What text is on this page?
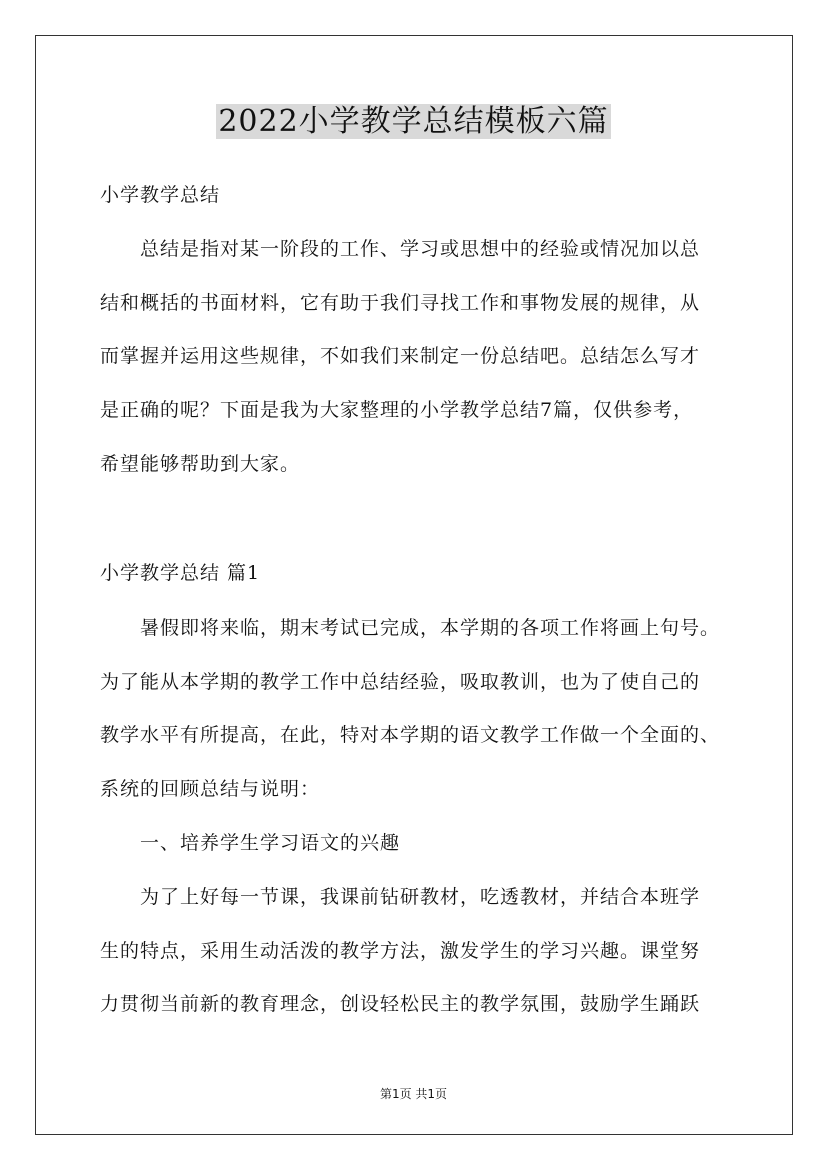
2022小学教学总结模板六篇
小学教学总结
总结是指对某一阶段的工作、学习或思想中的经验或情况加以总
结和概括的书面材料，它有助于我们寻找工作和事物发展的规律，从
而掌握并运用这些规律，不如我们来制定一份总结吧。总结怎么写才
是正确的呢？下面是我为大家整理的小学教学总结7篇，仅供参考，
希望能够帮助到大家。
小学教学总结 篇1
暑假即将来临，期末考试已完成，本学期的各项工作将画上句号。
为了能从本学期的教学工作中总结经验，吸取教训，也为了使自己的
教学水平有所提高，在此，特对本学期的语文教学工作做一个全面的、
系统的回顾总结与说明：
一、培养学生学习语文的兴趣
为了上好每一节课，我课前钻研教材，吃透教材，并结合本班学
生的特点，采用生动活泼的教学方法，激发学生的学习兴趣。课堂努
力贯彻当前新的教育理念，创设轻松民主的教学氛围，鼓励学生踊跃
第1页 共1页
